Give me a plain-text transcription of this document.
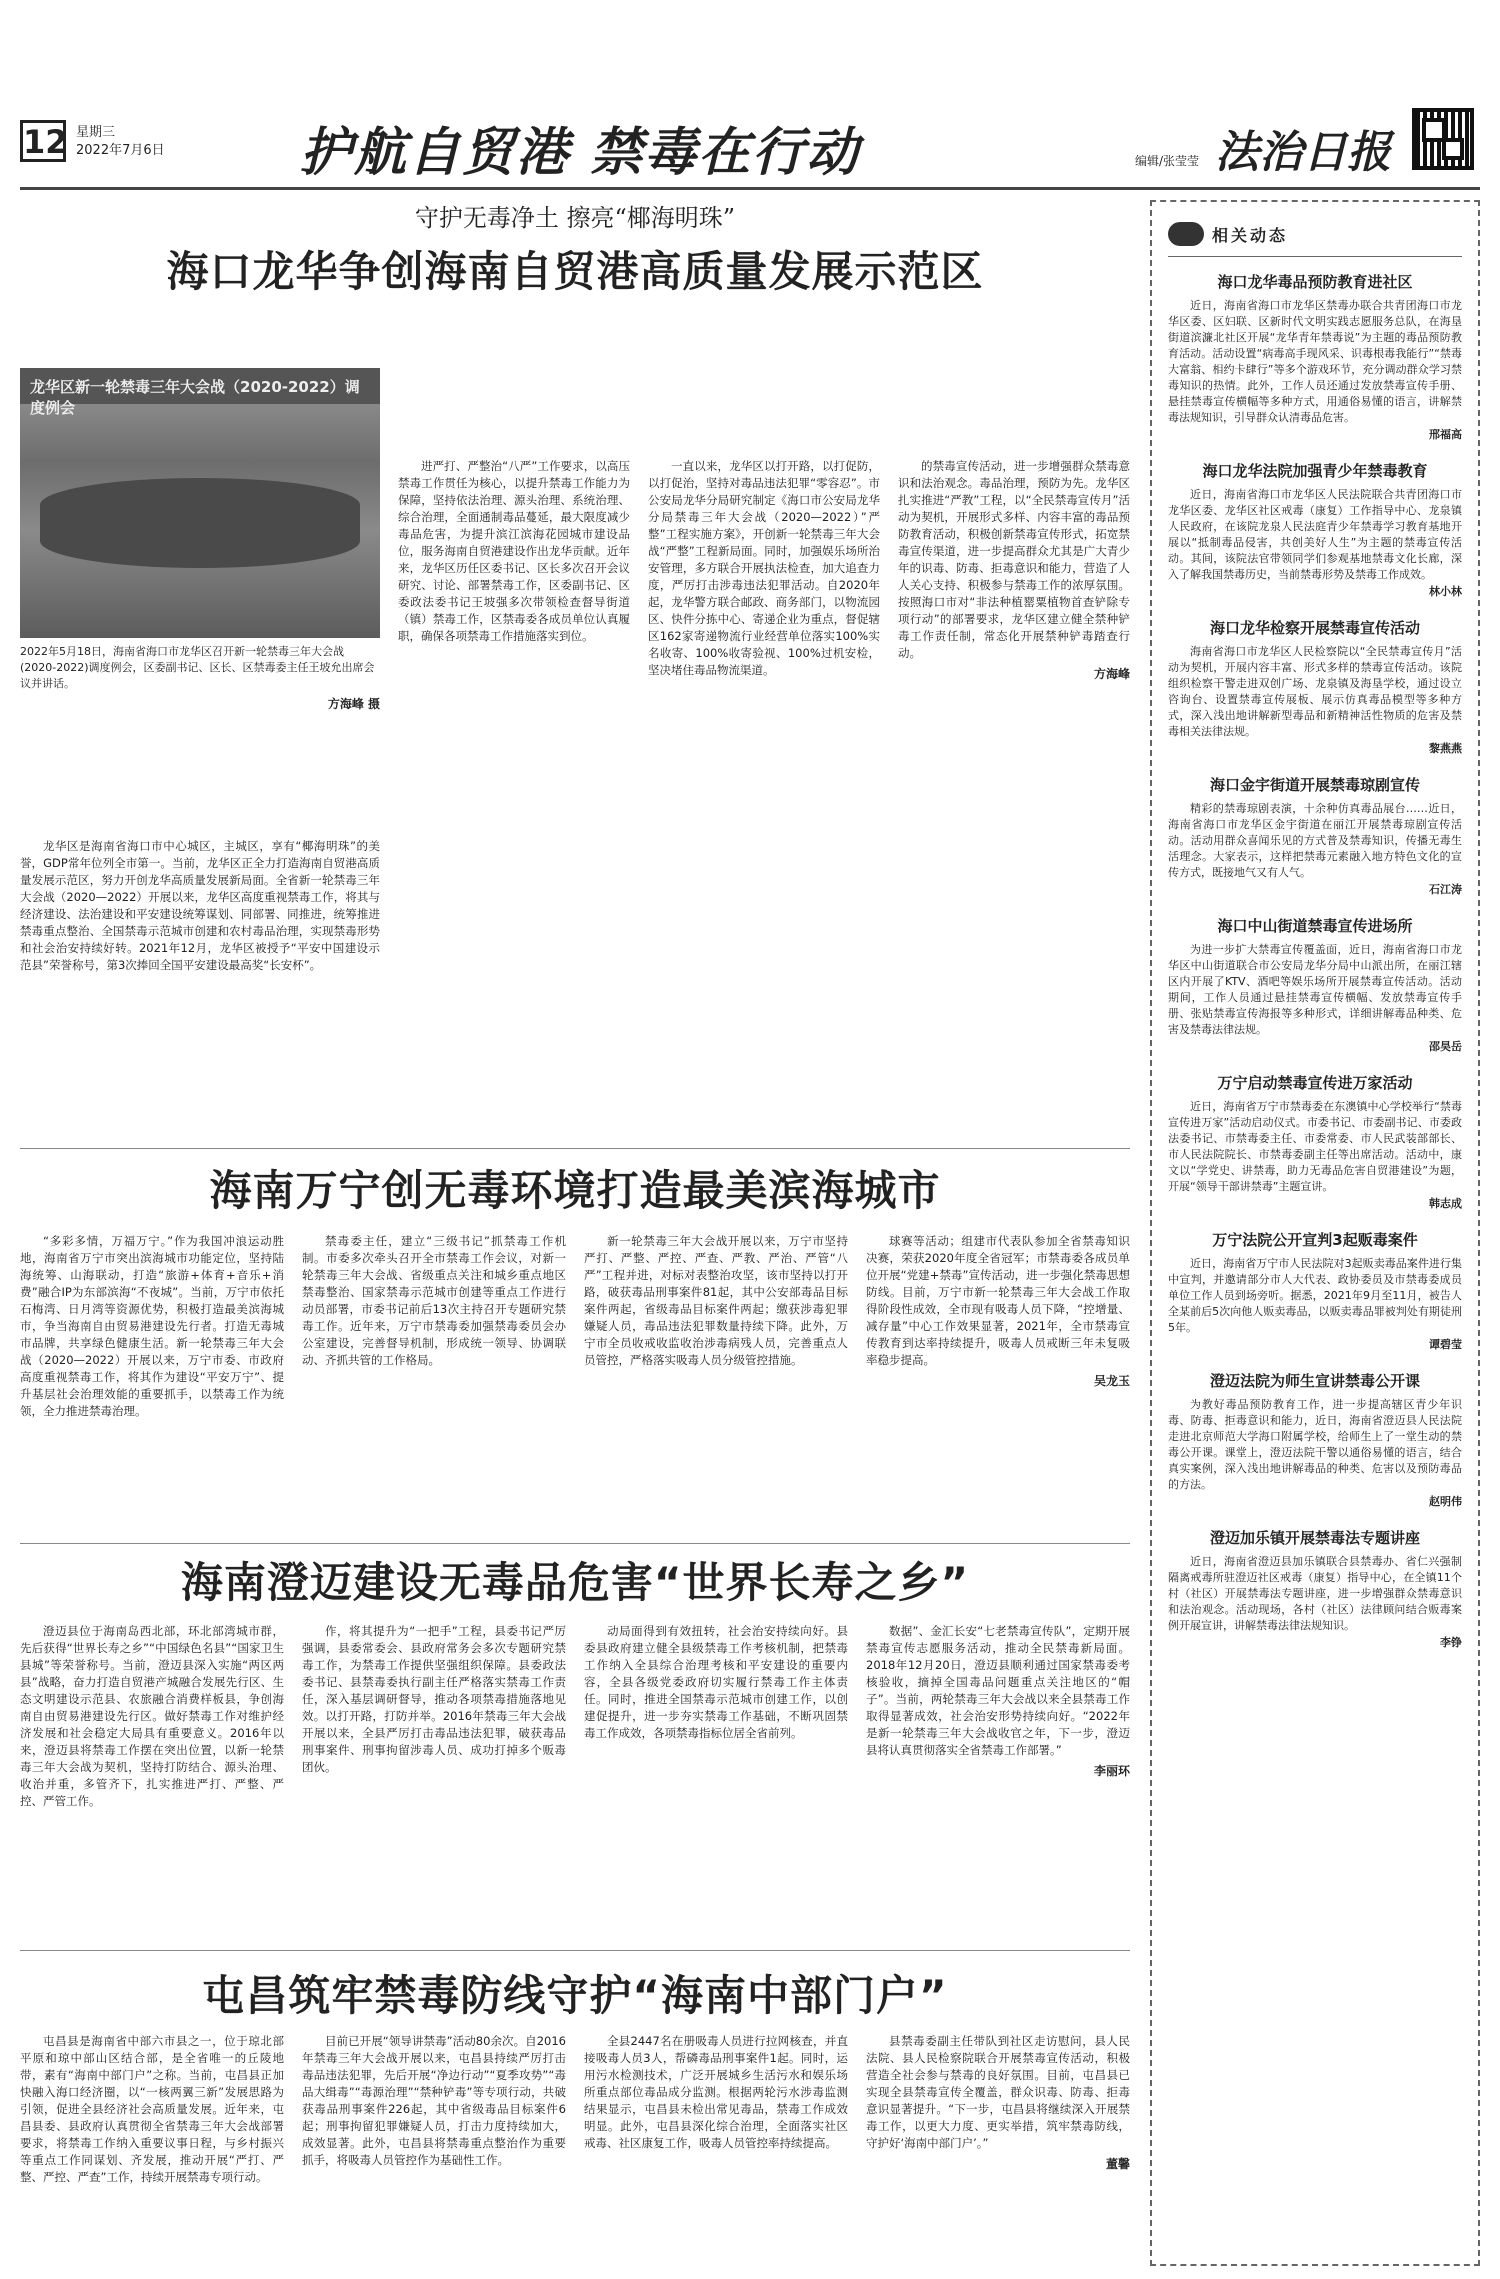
12 星期三
2022年7月6日	护航自贸港 禁毒在行动	编辑/张莹莹 法治日报
守护无毒净土 擦亮“椰海明珠”
海口龙华争创海南自贸港高质量发展示范区
龙华区新一轮禁毒三年大会战（2020-2022）调度例会
2022年5月18日，海南省海口市龙华区召开新一轮禁毒三年大会战(2020-2022)调度例会，区委副书记、区长、区禁毒委主任王坡允出席会议并讲话。
方海峰 摄

龙华区是海南省海口市中心城区，主城区，享有“椰海明珠”的美誉，GDP常年位列全市第一。当前，龙华区正全力打造海南自贸港高质量发展示范区，努力开创龙华高质量发展新局面。全省新一轮禁毒三年大会战（2020—2022）开展以来，龙华区高度重视禁毒工作，将其与经济建设、法治建设和平安建设统筹谋划、同部署、同推进，统筹推进禁毒重点整治、全国禁毒示范城市创建和农村毒品治理，实现禁毒形势和社会治安持续好转。2021年12月，龙华区被授予“平安中国建设示范县”荣誉称号，第3次捧回全国平安建设最高奖“长安杯”。

进严打、严整治“八严”工作要求，以高压禁毒工作贯任为核心，以提升禁毒工作能力为保障，坚持依法治理、源头治理、系统治理、综合治理，全面通制毒品蔓延，最大限度减少毒品危害，为提升滨江滨海花园城市建设品位，服务海南自贸港建设作出龙华贡献。近年来，龙华区历任区委书记、区长多次召开会议研究、讨论、部署禁毒工作，区委副书记、区委政法委书记王坡强多次带领检查督导街道（镇）禁毒工作，区禁毒委各成员单位认真履职，确保各项禁毒工作措施落实到位。

一直以来，龙华区以打开路，以打促防，以打促治，坚持对毒品违法犯罪“零容忍”。市公安局龙华分局研究制定《海口市公安局龙华分局禁毒三年大会战（2020—2022）”严整”工程实施方案》，开创新一轮禁毒三年大会战“严整”工程新局面。同时，加强娱乐场所治安管理，多方联合开展执法检查，加大追查力度，严厉打击涉毒违法犯罪活动。自2020年起，龙华警方联合邮政、商务部门，以物流园区、快件分拣中心、寄递企业为重点，督促辖区162家寄递物流行业经营单位落实100%实名收寄、100%收寄验视、100%过机安检，坚决堵住毒品物流渠道。

的禁毒宣传活动，进一步增强群众禁毒意识和法治观念。毒品治理，预防为先。龙华区扎实推进“严教”工程，以“全民禁毒宣传月”活动为契机，开展形式多样、内容丰富的毒品预防教育活动，积极创新禁毒宣传形式，拓宽禁毒宣传渠道，进一步提高群众尤其是广大青少年的识毒、防毒、拒毒意识和能力，营造了人人关心支持、积极参与禁毒工作的浓厚氛围。按照海口市对“非法种植罂粟植物首查铲除专项行动”的部署要求，龙华区建立健全禁种铲毒工作责任制，常态化开展禁种铲毒踏查行动。

方海峰
海南万宁创无毒环境打造最美滨海城市

“多彩多情，万福万宁。”作为我国冲浪运动胜地，海南省万宁市突出滨海城市功能定位，坚持陆海统筹、山海联动，打造“旅游+体育+音乐+消费”融合IP为东部滨海“不夜城”。当前，万宁市依托石梅湾、日月湾等资源优势，积极打造最美滨海城市，争当海南自由贸易港建设先行者。打造无毒城市品牌，共享绿色健康生活。新一轮禁毒三年大会战（2020—2022）开展以来，万宁市委、市政府高度重视禁毒工作，将其作为建设“平安万宁”、提升基层社会治理效能的重要抓手，以禁毒工作为统领，全力推进禁毒治理。

禁毒委主任，建立“三级书记”抓禁毒工作机制。市委多次牵头召开全市禁毒工作会议，对新一轮禁毒三年大会战、省级重点关注和城乡重点地区禁毒整治、国家禁毒示范城市创建等重点工作进行动员部署，市委书记前后13次主持召开专题研究禁毒工作。近年来，万宁市禁毒委加强禁毒委员会办公室建设，完善督导机制，形成统一领导、协调联动、齐抓共管的工作格局。

新一轮禁毒三年大会战开展以来，万宁市坚持严打、严整、严控、严查、严教、严治、严管“八严”工程并进，对标对表整治攻坚，该市坚持以打开路，破获毒品刑事案件81起，其中公安部毒品目标案件两起，省级毒品目标案件两起；缴获涉毒犯罪嫌疑人员，毒品违法犯罪数量持续下降。此外，万宁市全员收戒收监收治涉毒病残人员，完善重点人员管控，严格落实吸毒人员分级管控措施。

球赛等活动；组建市代表队参加全省禁毒知识决赛，荣获2020年度全省冠军；市禁毒委各成员单位开展“党建+禁毒”宣传活动，进一步强化禁毒思想防线。目前，万宁市新一轮禁毒三年大会战工作取得阶段性成效，全市现有吸毒人员下降，“控增量、减存量”中心工作效果显著，2021年，全市禁毒宣传教育到达率持续提升，吸毒人员戒断三年未复吸率稳步提高。

吴龙玉
海南澄迈建设无毒品危害“世界长寿之乡”

澄迈县位于海南岛西北部，环北部湾城市群，先后获得“世界长寿之乡”“中国绿色名县”“国家卫生县城”等荣誉称号。当前，澄迈县深入实施“两区两县”战略，奋力打造自贸港产城融合发展先行区、生态文明建设示范县、农旅融合消费样板县，争创海南自由贸易港建设先行区。做好禁毒工作对维护经济发展和社会稳定大局具有重要意义。2016年以来，澄迈县将禁毒工作摆在突出位置，以新一轮禁毒三年大会战为契机，坚持打防结合、源头治理、收治并重，多管齐下，扎实推进严打、严整、严控、严管工作。

作，将其提升为“一把手”工程，县委书记严厉强调，县委常委会、县政府常务会多次专题研究禁毒工作，为禁毒工作提供坚强组织保障。县委政法委书记、县禁毒委执行副主任严格落实禁毒工作责任，深入基层调研督导，推动各项禁毒措施落地见效。以打开路，打防并举。2016年禁毒三年大会战开展以来，全县严厉打击毒品违法犯罪，破获毒品刑事案件、刑事拘留涉毒人员、成功打掉多个贩毒团伙。

动局面得到有效扭转，社会治安持续向好。县委县政府建立健全县级禁毒工作考核机制，把禁毒工作纳入全县综合治理考核和平安建设的重要内容，全县各级党委政府切实履行禁毒工作主体责任。同时，推进全国禁毒示范城市创建工作，以创建促提升，进一步夯实禁毒工作基础，不断巩固禁毒工作成效，各项禁毒指标位居全省前列。

数据”、金汇长安“七老禁毒宣传队”，定期开展禁毒宣传志愿服务活动，推动全民禁毒新局面。2018年12月20日，澄迈县顺利通过国家禁毒委考核验收，摘掉全国毒品问题重点关注地区的“帽子”。当前，两轮禁毒三年大会战以来全县禁毒工作取得显著成效，社会治安形势持续向好。“2022年是新一轮禁毒三年大会战收官之年，下一步，澄迈县将认真贯彻落实全省禁毒工作部署。”

李丽环
屯昌筑牢禁毒防线守护“海南中部门户”

屯昌县是海南省中部六市县之一，位于琼北部平原和琼中部山区结合部，是全省唯一的丘陵地带，素有“海南中部门户”之称。当前，屯昌县正加快融入海口经济圈，以“一核两翼三新”发展思路为引领，促进全县经济社会高质量发展。近年来，屯昌县委、县政府认真贯彻全省禁毒三年大会战部署要求，将禁毒工作纳入重要议事日程，与乡村振兴等重点工作同谋划、齐发展，推动开展“严打、严整、严控、严查”工作，持续开展禁毒专项行动。

目前已开展“领导讲禁毒”活动80余次。自2016年禁毒三年大会战开展以来，屯昌县持续严厉打击毒品违法犯罪，先后开展“净边行动”“夏季攻势”“毒品大缉毒”“毒源治理”“禁种铲毒”等专项行动，共破获毒品刑事案件226起，其中省级毒品目标案件6起；刑事拘留犯罪嫌疑人员，打击力度持续加大，成效显著。此外，屯昌县将禁毒重点整治作为重要抓手，将吸毒人员管控作为基础性工作。

全县2447名在册吸毒人员进行拉网核查，并直接吸毒人员3人，帮磷毒品刑事案件1起。同时，运用污水检测技术，广泛开展城乡生活污水和娱乐场所重点部位毒品成分监测。根据两轮污水涉毒监测结果显示，屯昌县未检出常见毒品，禁毒工作成效明显。此外，屯昌县深化综合治理，全面落实社区戒毒、社区康复工作，吸毒人员管控率持续提高。

县禁毒委副主任带队到社区走访慰问，县人民法院、县人民检察院联合开展禁毒宣传活动，积极营造全社会参与禁毒的良好氛围。目前，屯昌县已实现全县禁毒宣传全覆盖，群众识毒、防毒、拒毒意识显著提升。“下一步，屯昌县将继续深入开展禁毒工作，以更大力度、更实举措，筑牢禁毒防线，守护好‘海南中部门户’。”

董馨
相关动态
海口龙华毒品预防教育进社区

近日，海南省海口市龙华区禁毒办联合共青团海口市龙华区委、区妇联、区新时代文明实践志愿服务总队，在海垦街道滨濂北社区开展“龙华青年禁毒说”为主题的毒品预防教育活动。活动设置“病毒高手现风采、识毒根毒我能行”“禁毒大富翁、相约卡肆行”等多个游戏环节，充分调动群众学习禁毒知识的热情。此外，工作人员还通过发放禁毒宣传手册、悬挂禁毒宣传横幅等多种方式，用通俗易懂的语言，讲解禁毒法规知识，引导群众认清毒品危害。

邢福高
海口龙华法院加强青少年禁毒教育

近日，海南省海口市龙华区人民法院联合共青团海口市龙华区委、龙华区社区戒毒（康复）工作指导中心、龙泉镇人民政府，在该院龙泉人民法庭青少年禁毒学习教育基地开展以“抵制毒品侵害，共创美好人生”为主题的禁毒宣传活动。其间，该院法官带领同学们参观基地禁毒文化长廊，深入了解我国禁毒历史，当前禁毒形势及禁毒工作成效。

林小林
海口龙华检察开展禁毒宣传活动

海南省海口市龙华区人民检察院以“全民禁毒宣传月”活动为契机，开展内容丰富、形式多样的禁毒宣传活动。该院组织检察干警走进双创广场、龙泉镇及海垦学校，通过设立咨询台、设置禁毒宣传展板、展示仿真毒品模型等多种方式，深入浅出地讲解新型毒品和新精神活性物质的危害及禁毒相关法律法规。

黎燕燕
海口金宇街道开展禁毒琼剧宣传

精彩的禁毒琼剧表演，十余种仿真毒品展台……近日，海南省海口市龙华区金宇街道在丽江开展禁毒琼剧宣传活动。活动用群众喜闻乐见的方式普及禁毒知识，传播无毒生活理念。大家表示，这样把禁毒元素融入地方特色文化的宣传方式，既接地气又有人气。

石江涛
海口中山街道禁毒宣传进场所

为进一步扩大禁毒宣传覆盖面，近日，海南省海口市龙华区中山街道联合市公安局龙华分局中山派出所，在丽江辖区内开展了KTV、酒吧等娱乐场所开展禁毒宣传活动。活动期间，工作人员通过悬挂禁毒宣传横幅、发放禁毒宣传手册、张贴禁毒宣传海报等多种形式，详细讲解毒品种类、危害及禁毒法律法规。

邵昊岳
万宁启动禁毒宣传进万家活动

近日，海南省万宁市禁毒委在东澳镇中心学校举行“禁毒宣传进万家”活动启动仪式。市委书记、市委副书记、市委政法委书记、市禁毒委主任、市委常委、市人民武装部部长、市人民法院院长、市禁毒委副主任等出席活动。活动中，康文以“学党史、讲禁毒，助力无毒品危害自贸港建设”为题，开展“领导干部讲禁毒”主题宣讲。

韩志成
万宁法院公开宣判3起贩毒案件

近日，海南省万宁市人民法院对3起贩卖毒品案件进行集中宣判，并邀请部分市人大代表、政协委员及市禁毒委成员单位工作人员到场旁听。据悉，2021年9月至11月，被告人全某前后5次向他人贩卖毒品，以贩卖毒品罪被判处有期徒刑5年。

谭碧莹
澄迈法院为师生宣讲禁毒公开课

为教好毒品预防教育工作，进一步提高辖区青少年识毒、防毒、拒毒意识和能力，近日，海南省澄迈县人民法院走进北京师范大学海口附属学校，给师生上了一堂生动的禁毒公开课。课堂上，澄迈法院干警以通俗易懂的语言，结合真实案例，深入浅出地讲解毒品的种类、危害以及预防毒品的方法。

赵明伟
澄迈加乐镇开展禁毒法专题讲座

近日，海南省澄迈县加乐镇联合县禁毒办、省仁兴强制隔离戒毒所驻澄迈社区戒毒（康复）指导中心，在全镇11个村（社区）开展禁毒法专题讲座，进一步增强群众禁毒意识和法治观念。活动现场，各村（社区）法律顾问结合贩毒案例开展宣讲，讲解禁毒法律法规知识。

李铮
